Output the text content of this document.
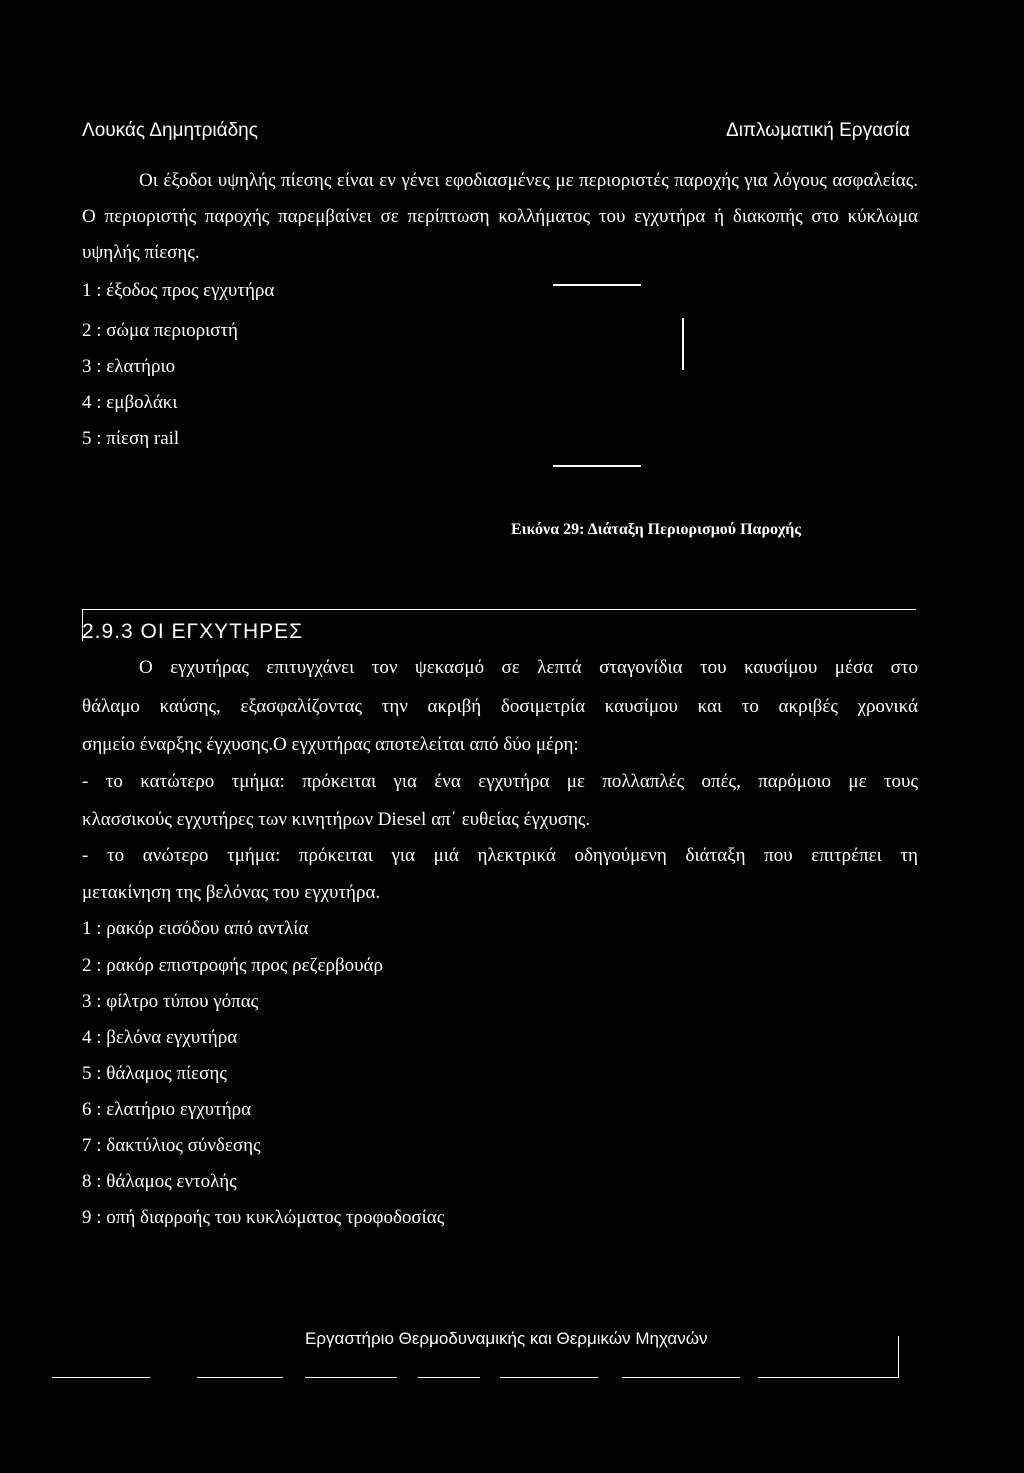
Λουκάς Δημητριάδης	Διπλωματική Εργασία

Οι έξοδοι υψηλής πίεσης είναι εν γένει εφοδιασμένες με περιοριστές παροχής για λόγους ασφαλείας. Ο περιοριστής παροχής παρεμβαίνει σε περίπτωση κολλήματος του εγχυτήρα ή διακοπής στο κύκλωμα υψηλής πίεσης.

1 : έξοδος προς εγχυτήρα
2 : σώμα περιοριστή
3 : ελατήριο
4 : εμβολάκι
5 : πίεση rail
Εικόνα 29: Διάταξη Περιορισμού Παροχής
2.9.3 ΟΙ ΕΓΧΥΤΗΡΕΣ
Ο εγχυτήρας επιτυγχάνει τον ψεκασμό σε λεπτά σταγονίδια του καυσίμου μέσα στο
θάλαμο καύσης, εξασφαλίζοντας την ακριβή δοσιμετρία καυσίμου και το ακριβές χρονικά
σημείο έναρξης έγχυσης.Ο εγχυτήρας αποτελείται από δύο μέρη:
- το κατώτερο τμήμα: πρόκειται για ένα εγχυτήρα με πολλαπλές οπές, παρόμοιο με τους
κλασσικούς εγχυτήρες των κινητήρων Diesel απ΄ ευθείας έγχυσης.
- το ανώτερο τμήμα: πρόκειται για μιά ηλεκτρικά οδηγούμενη διάταξη που επιτρέπει τη
μετακίνηση της βελόνας του εγχυτήρα.
1 : ρακόρ εισόδου από αντλία
2 : ρακόρ επιστροφής προς ρεζερβουάρ
3 : φίλτρο τύπου γόπας
4 : βελόνα εγχυτήρα
5 : θάλαμος πίεσης
6 : ελατήριο εγχυτήρα
7 : δακτύλιος σύνδεσης
8 : θάλαμος εντολής
9 : οπή διαρροής του κυκλώματος τροφοδοσίας
Εργαστήριο Θερμοδυναμικής και Θερμικών Μηχανών
